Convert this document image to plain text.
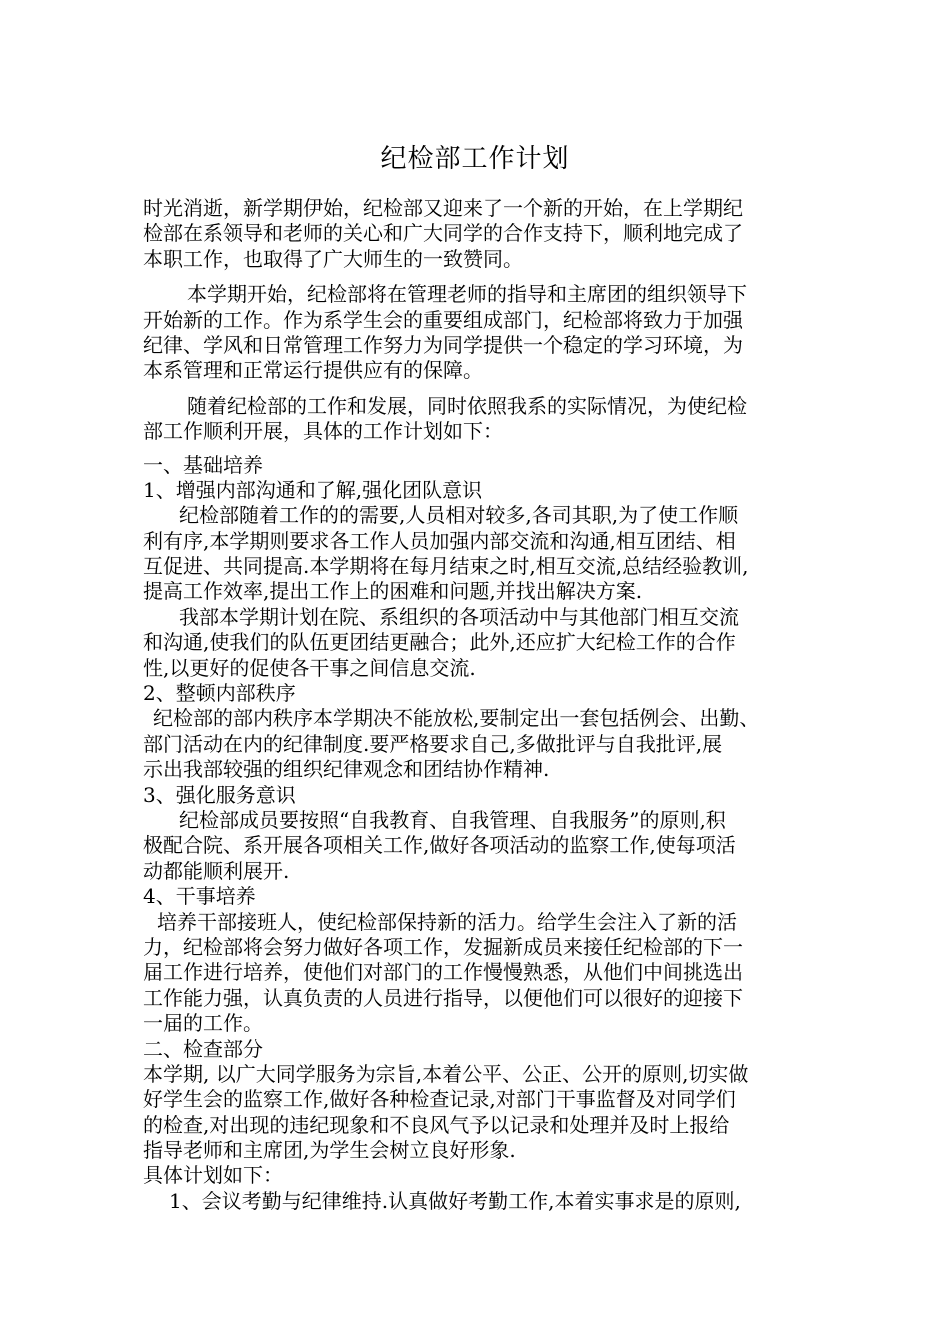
纪检部工作计划
时光消逝，新学期伊始，纪检部又迎来了一个新的开始，在上学期纪
检部在系领导和老师的关心和广大同学的合作支持下，顺利地完成了
本职工作，也取得了广大师生的一致赞同。
本学期开始，纪检部将在管理老师的指导和主席团的组织领导下
开始新的工作。作为系学生会的重要组成部门，纪检部将致力于加强
纪律、学风和日常管理工作努力为同学提供一个稳定的学习环境，为
本系管理和正常运行提供应有的保障。
随着纪检部的工作和发展，同时依照我系的实际情况，为使纪检
部工作顺利开展，具体的工作计划如下：
一、基础培养
1、增强内部沟通和了解,强化团队意识
纪检部随着工作的的需要,人员相对较多,各司其职,为了使工作顺
利有序,本学期则要求各工作人员加强内部交流和沟通,相互团结、相
互促进、共同提高.本学期将在每月结束之时,相互交流,总结经验教训,
提高工作效率,提出工作上的困难和问题,并找出解决方案.
我部本学期计划在院、系组织的各项活动中与其他部门相互交流
和沟通,使我们的队伍更团结更融合；此外,还应扩大纪检工作的合作
性,以更好的促使各干事之间信息交流.
2、整顿内部秩序
纪检部的部内秩序本学期决不能放松,要制定出一套包括例会、出勤、
部门活动在内的纪律制度.要严格要求自己,多做批评与自我批评,展
示出我部较强的组织纪律观念和团结协作精神.
3、强化服务意识
纪检部成员要按照“自我教育、自我管理、自我服务”的原则,积
极配合院、系开展各项相关工作,做好各项活动的监察工作,使每项活
动都能顺利展开.
4、干事培养
培养干部接班人，使纪检部保持新的活力。给学生会注入了新的活
力，纪检部将会努力做好各项工作，发掘新成员来接任纪检部的下一
届工作进行培养，使他们对部门的工作慢慢熟悉，从他们中间挑选出
工作能力强，认真负责的人员进行指导，以便他们可以很好的迎接下
一届的工作。
二、检查部分
本学期, 以广大同学服务为宗旨,本着公平、公正、公开的原则,切实做
好学生会的监察工作,做好各种检查记录,对部门干事监督及对同学们
的检查,对出现的违纪现象和不良风气予以记录和处理并及时上报给
指导老师和主席团,为学生会树立良好形象.
具体计划如下：
1、会议考勤与纪律维持.认真做好考勤工作,本着实事求是的原则,
